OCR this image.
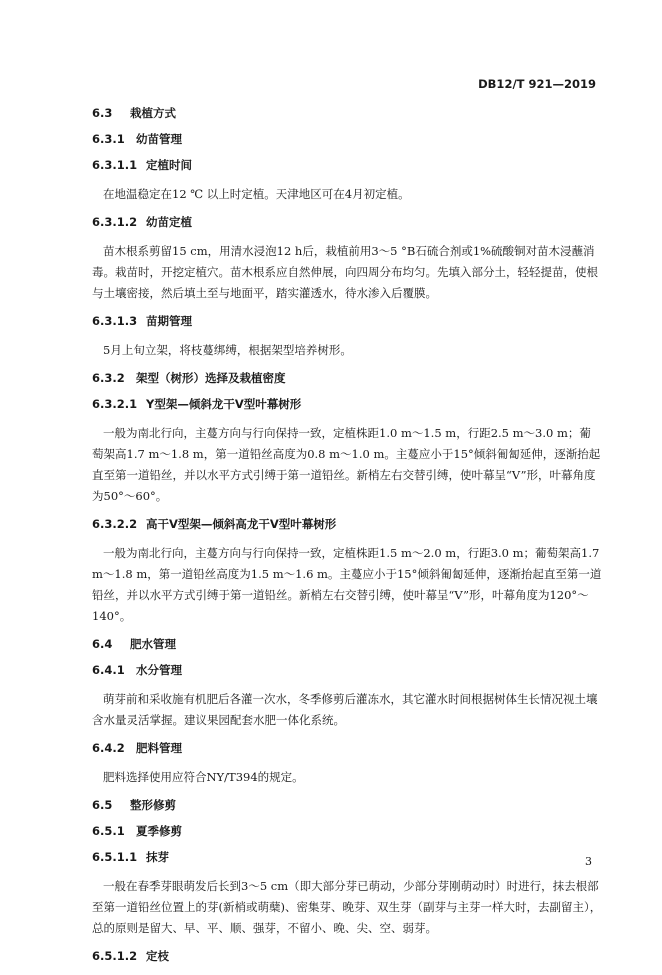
DB12/T 921—2019
6.3 栽植方式
6.3.1 幼苗管理
6.3.1.1 定植时间

在地温稳定在12 ℃ 以上时定植。天津地区可在4月初定植。

6.3.1.2 幼苗定植

苗木根系剪留15 cm，用清水浸泡12 h后，栽植前用3～5 °B石硫合剂或1%硫酸铜对苗木浸蘸消毒。栽苗时，开挖定植穴。苗木根系应自然伸展，向四周分布均匀。先填入部分土，轻轻提苗，使根与土壤密接，然后填土至与地面平，踏实灌透水，待水渗入后覆膜。

6.3.1.3 苗期管理

5月上旬立架，将枝蔓绑缚，根据架型培养树形。

6.3.2 架型（树形）选择及栽植密度
6.3.2.1 Y型架—倾斜龙干V型叶幕树形

一般为南北行向，主蔓方向与行向保持一致，定植株距1.0 m～1.5 m，行距2.5 m～3.0 m；葡萄架高1.7 m～1.8 m，第一道铅丝高度为0.8 m～1.0 m。主蔓应小于15°倾斜匍匐延伸，逐渐抬起直至第一道铅丝，并以水平方式引缚于第一道铅丝。新梢左右交替引缚，使叶幕呈“V”形，叶幕角度为50°～60°。

6.3.2.2 高干V型架—倾斜高龙干V型叶幕树形

一般为南北行向，主蔓方向与行向保持一致，定植株距1.5 m～2.0 m，行距3.0 m；葡萄架高1.7 m～1.8 m，第一道铅丝高度为1.5 m～1.6 m。主蔓应小于15°倾斜匍匐延伸，逐渐抬起直至第一道铅丝，并以水平方式引缚于第一道铅丝。新梢左右交替引缚，使叶幕呈“V”形，叶幕角度为120°～140°。

6.4 肥水管理
6.4.1 水分管理

萌芽前和采收施有机肥后各灌一次水，冬季修剪后灌冻水，其它灌水时间根据树体生长情况视土壤含水量灵活掌握。建议果园配套水肥一体化系统。

6.4.2 肥料管理

肥料选择使用应符合NY/T394的规定。

6.5 整形修剪
6.5.1 夏季修剪
6.5.1.1 抹芽

一般在春季芽眼萌发后长到3～5 cm（即大部分芽已萌动，少部分芽刚萌动时）时进行，抹去根部至第一道铅丝位置上的芽(新梢或萌蘖)、密集芽、晚芽、双生芽（副芽与主芽一样大时，去副留主），总的原则是留大、早、平、顺、强芽，不留小、晚、尖、空、弱芽。

6.5.1.2 定枝
3
